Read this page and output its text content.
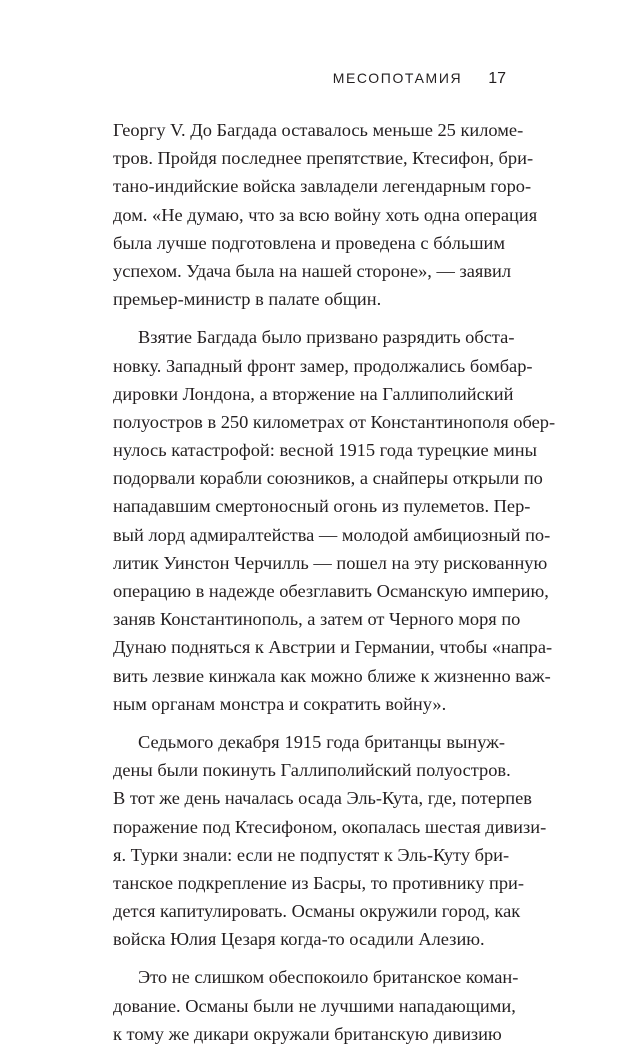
МЕСОПОТАМИЯ 17
Георгу V. До Багдада оставалось меньше 25 киломе-
тров. Пройдя последнее препятствие, Ктесифон, бри-
тано-индийские войска завладели легендарным горо-
дом. «Не думаю, что за всю войну хоть одна операция
была лучше подготовлена и проведена с бóльшим
успехом. Удача была на нашей стороне», — заявил
премьер-министр в палате общин.
Взятие Багдада было призвано разрядить обста-
новку. Западный фронт замер, продолжались бомбар-
дировки Лондона, а вторжение на Галлиполийский
полуостров в 250 километрах от Константинополя обер-
нулось катастрофой: весной 1915 года турецкие мины
подорвали корабли союзников, а снайперы открыли по
нападавшим смертоносный огонь из пулеметов. Пер-
вый лорд адмиралтейства — молодой амбициозный по-
литик Уинстон Черчилль — пошел на эту рискованную
операцию в надежде обезглавить Османскую империю,
заняв Константинополь, а затем от Черного моря по
Дунаю подняться к Австрии и Германии, чтобы «напра-
вить лезвие кинжала как можно ближе к жизненно важ-
ным органам монстра и сократить войну».
Седьмого декабря 1915 года британцы вынуж-
дены были покинуть Галлиполийский полуостров.
В тот же день началась осада Эль-Кута, где, потерпев
поражение под Ктесифоном, окопалась шестая дивизи-
я. Турки знали: если не подпустят к Эль-Куту бри-
танское подкрепление из Басры, то противнику при-
дется капитулировать. Османы окружили город, как
войска Юлия Цезаря когда-то осадили Алезию.
Это не слишком обеспокоило британское коман-
дование. Османы были не лучшими нападающими,
к тому же дикари окружали британскую дивизию
